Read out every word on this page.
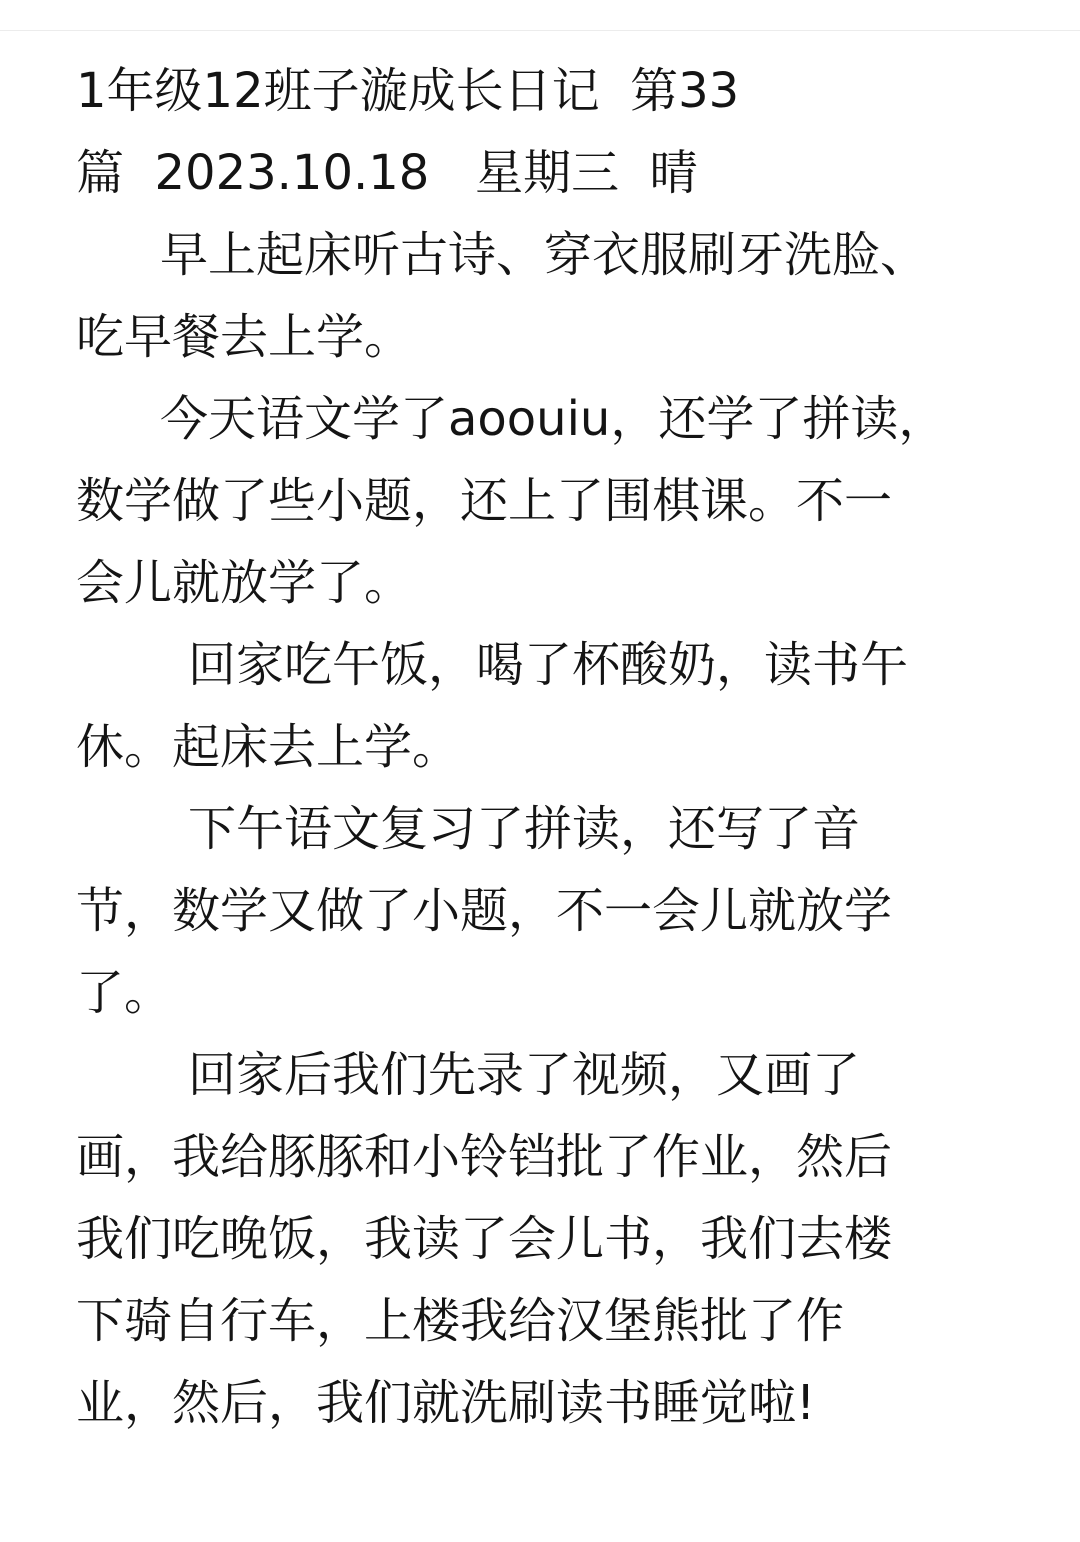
1年级12班子漩成长日记  第33
篇  2023.10.18   星期三  晴
早上起床听古诗、穿衣服刷牙洗脸、
吃早餐去上学。
今天语文学了aoouiu，还学了拼读，
数学做了些小题，还上了围棋课。不一
会儿就放学了。
回家吃午饭，喝了杯酸奶，读书午
休。起床去上学。
下午语文复习了拼读，还写了音
节，数学又做了小题，不一会儿就放学
了。
回家后我们先录了视频，又画了
画，我给豚豚和小铃铛批了作业，然后
我们吃晚饭，我读了会儿书，我们去楼
下骑自行车，上楼我给汉堡熊批了作
业，然后，我们就洗刷读书睡觉啦!
